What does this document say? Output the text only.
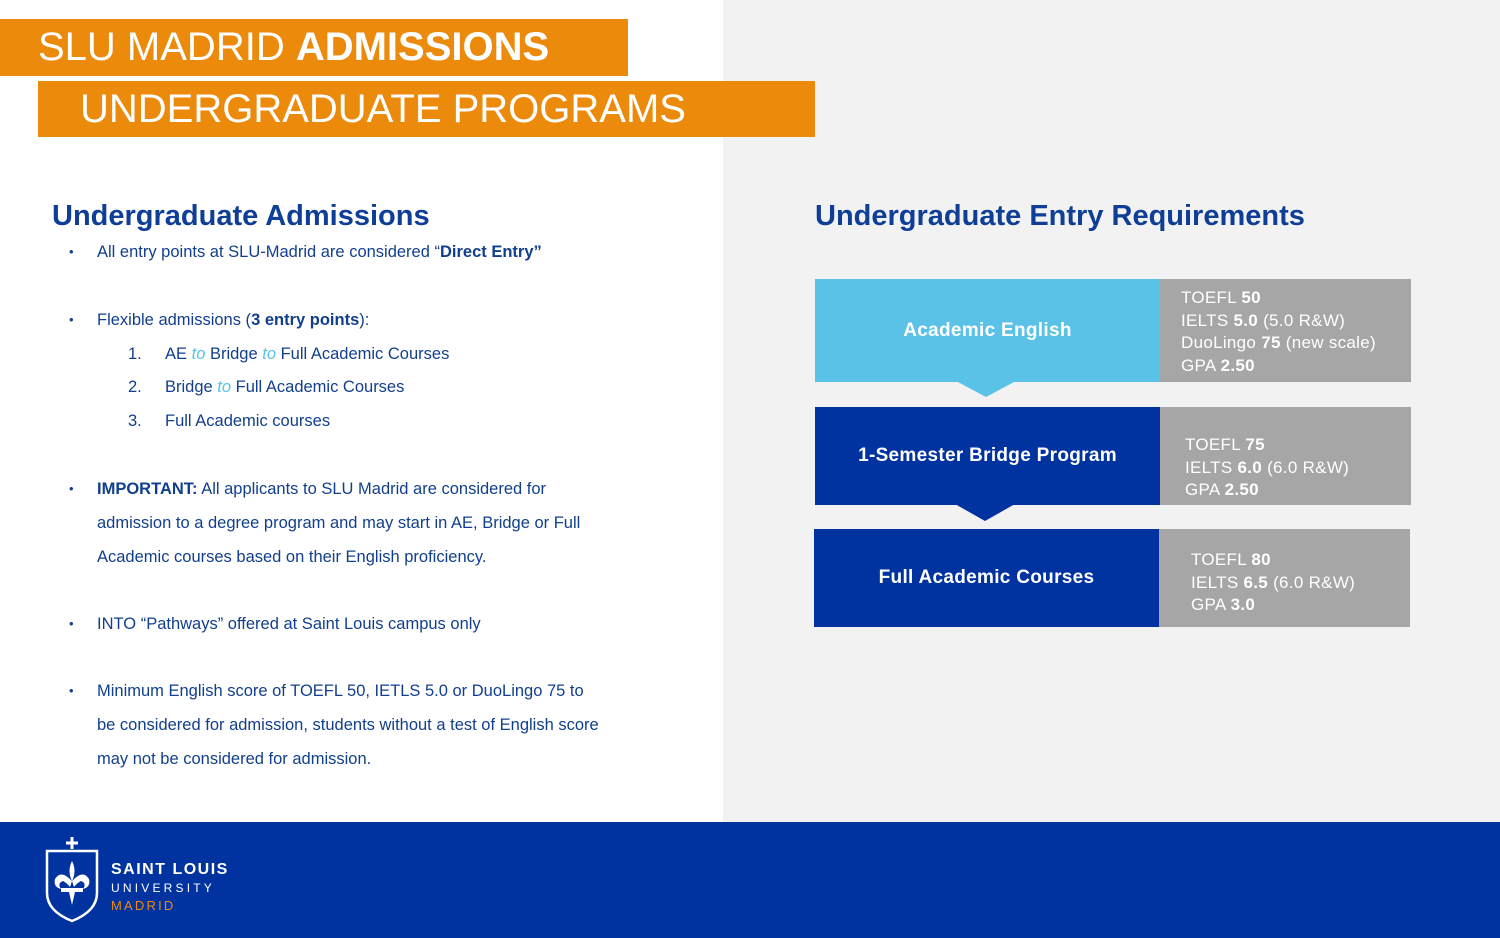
SLU MADRID ADMISSIONS
UNDERGRADUATE PROGRAMS
Undergraduate Admissions
• All entry points at SLU-Madrid are considered “Direct Entry”
• Flexible admissions (3 entry points):
1. AE to Bridge to Full Academic Courses
2. Bridge to Full Academic Courses
3. Full Academic courses
• IMPORTANT: All applicants to SLU Madrid are considered for
admission to a degree program and may start in AE, Bridge or Full
Academic courses based on their English proficiency.
• INTO “Pathways” offered at Saint Louis campus only
• Minimum English score of TOEFL 50, IETLS 5.0 or DuoLingo 75 to
be considered for admission, students without a test of English score
may not be considered for admission.
Undergraduate Entry Requirements
Academic English
TOEFL 50
IELTS 5.0 (5.0 R&W)
DuoLingo 75 (new scale)
GPA 2.50
1-Semester Bridge Program
TOEFL 75
IELTS 6.0 (6.0 R&W)
GPA 2.50
Full Academic Courses
TOEFL 80
IELTS 6.5 (6.0 R&W)
GPA 3.0
SAINT LOUIS
UNIVERSITY
MADRID
